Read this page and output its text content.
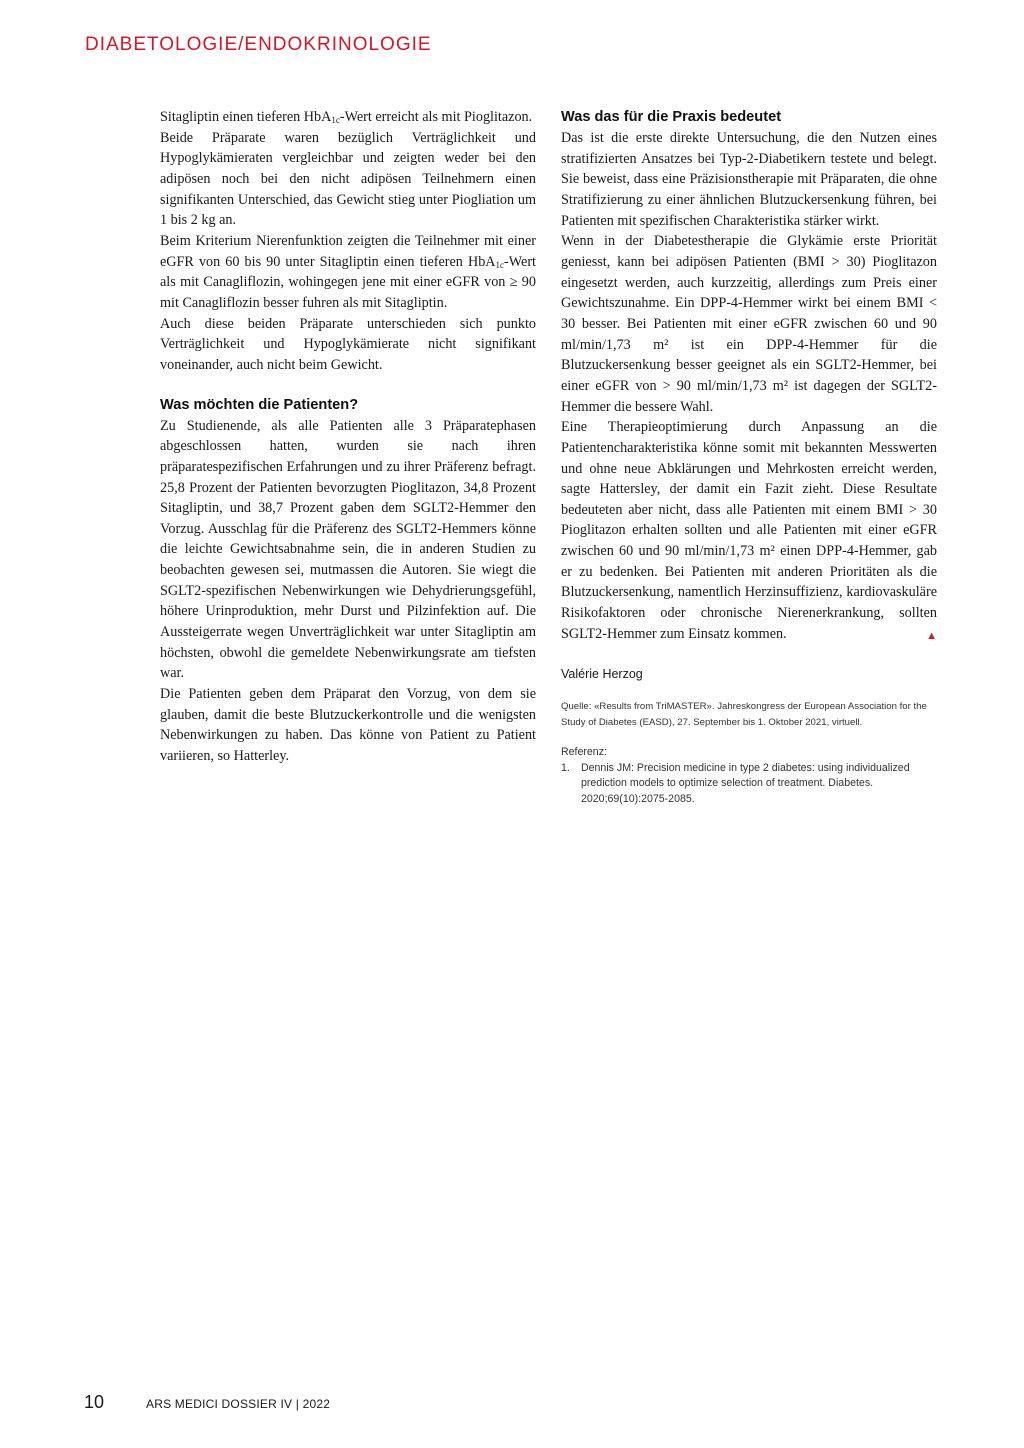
DIABETOLOGIE/ENDOKRINOLOGIE

Sitagliptin einen tieferen HbA$_{1c}$-Wert erreicht als mit Pioglitazon.

Beide Präparate waren bezüglich Verträglichkeit und Hypoglykämieraten vergleichbar und zeigten weder bei den adipösen noch bei den nicht adipösen Teilnehmern einen signifikanten Unterschied, das Gewicht stieg unter Piogliation um 1 bis 2 kg an.

Beim Kriterium Nierenfunktion zeigten die Teilnehmer mit einer eGFR von 60 bis 90 unter Sitagliptin einen tieferen HbA$_{1c}$-Wert als mit Canagliflozin, wohingegen jene mit einer eGFR von ≥ 90 mit Canagliflozin besser fuhren als mit Sitagliptin.

Auch diese beiden Präparate unterschieden sich punkto Verträglichkeit und Hypoglykämierate nicht signifikant voneinander, auch nicht beim Gewicht.

Was möchten die Patienten?

Zu Studienende, als alle Patienten alle 3 Präparatephasen abgeschlossen hatten, wurden sie nach ihren präparatespezifischen Erfahrungen und zu ihrer Präferenz befragt. 25,8 Prozent der Patienten bevorzugten Pioglitazon, 34,8 Prozent Sitagliptin, und 38,7 Prozent gaben dem SGLT2-Hemmer den Vorzug. Ausschlag für die Präferenz des SGLT2-Hemmers könne die leichte Gewichtsabnahme sein, die in anderen Studien zu beobachten gewesen sei, mutmassen die Autoren. Sie wiegt die SGLT2-spezifischen Nebenwirkungen wie Dehydrierungsgefühl, höhere Urinproduktion, mehr Durst und Pilzinfektion auf. Die Aussteigerrate wegen Unverträglichkeit war unter Sitagliptin am höchsten, obwohl die gemeldete Nebenwirkungsrate am tiefsten war.

Die Patienten geben dem Präparat den Vorzug, von dem sie glauben, damit die beste Blutzuckerkontrolle und die wenigsten Nebenwirkungen zu haben. Das könne von Patient zu Patient variieren, so Hatterley.

Was das für die Praxis bedeutet

Das ist die erste direkte Untersuchung, die den Nutzen eines stratifizierten Ansatzes bei Typ-2-Diabetikern testete und belegt. Sie beweist, dass eine Präzisionstherapie mit Präparaten, die ohne Stratifizierung zu einer ähnlichen Blutzuckersenkung führen, bei Patienten mit spezifischen Charakteristika stärker wirkt.

Wenn in der Diabetestherapie die Glykämie erste Priorität geniesst, kann bei adipösen Patienten (BMI > 30) Pioglitazon eingesetzt werden, auch kurzzeitig, allerdings zum Preis einer Gewichtszunahme. Ein DPP-4-Hemmer wirkt bei einem BMI < 30 besser. Bei Patienten mit einer eGFR zwischen 60 und 90 ml/min/1,73 m² ist ein DPP-4-Hemmer für die Blutzuckersenkung besser geeignet als ein SGLT2-Hemmer, bei einer eGFR von > 90 ml/min/1,73 m² ist dagegen der SGLT2-Hemmer die bessere Wahl.

Eine Therapieoptimierung durch Anpassung an die Patientencharakteristika könne somit mit bekannten Messwerten und ohne neue Abklärungen und Mehrkosten erreicht werden, sagte Hattersley, der damit ein Fazit zieht. Diese Resultate bedeuteten aber nicht, dass alle Patienten mit einem BMI > 30 Pioglitazon erhalten sollten und alle Patienten mit einer eGFR zwischen 60 und 90 ml/min/1,73 m² einen DPP-4-Hemmer, gab er zu bedenken. Bei Patienten mit anderen Prioritäten als die Blutzuckersenkung, namentlich Herzinsuffizienz, kardiovaskuläre Risikofaktoren oder chronische Nierenerkrankung, sollten SGLT2-Hemmer zum Einsatz kommen.	▲
Valérie Herzog
Quelle: «Results from TriMASTER». Jahreskongress der European Association for the Study of Diabetes (EASD), 27. September bis 1. Oktober 2021, virtuell.
Referenz:
1.	Dennis JM: Precision medicine in type 2 diabetes: using individualized prediction models to optimize selection of treatment. Diabetes. 2020;69(10):2075-2085.
10	ARS MEDICI DOSSIER IV | 2022
